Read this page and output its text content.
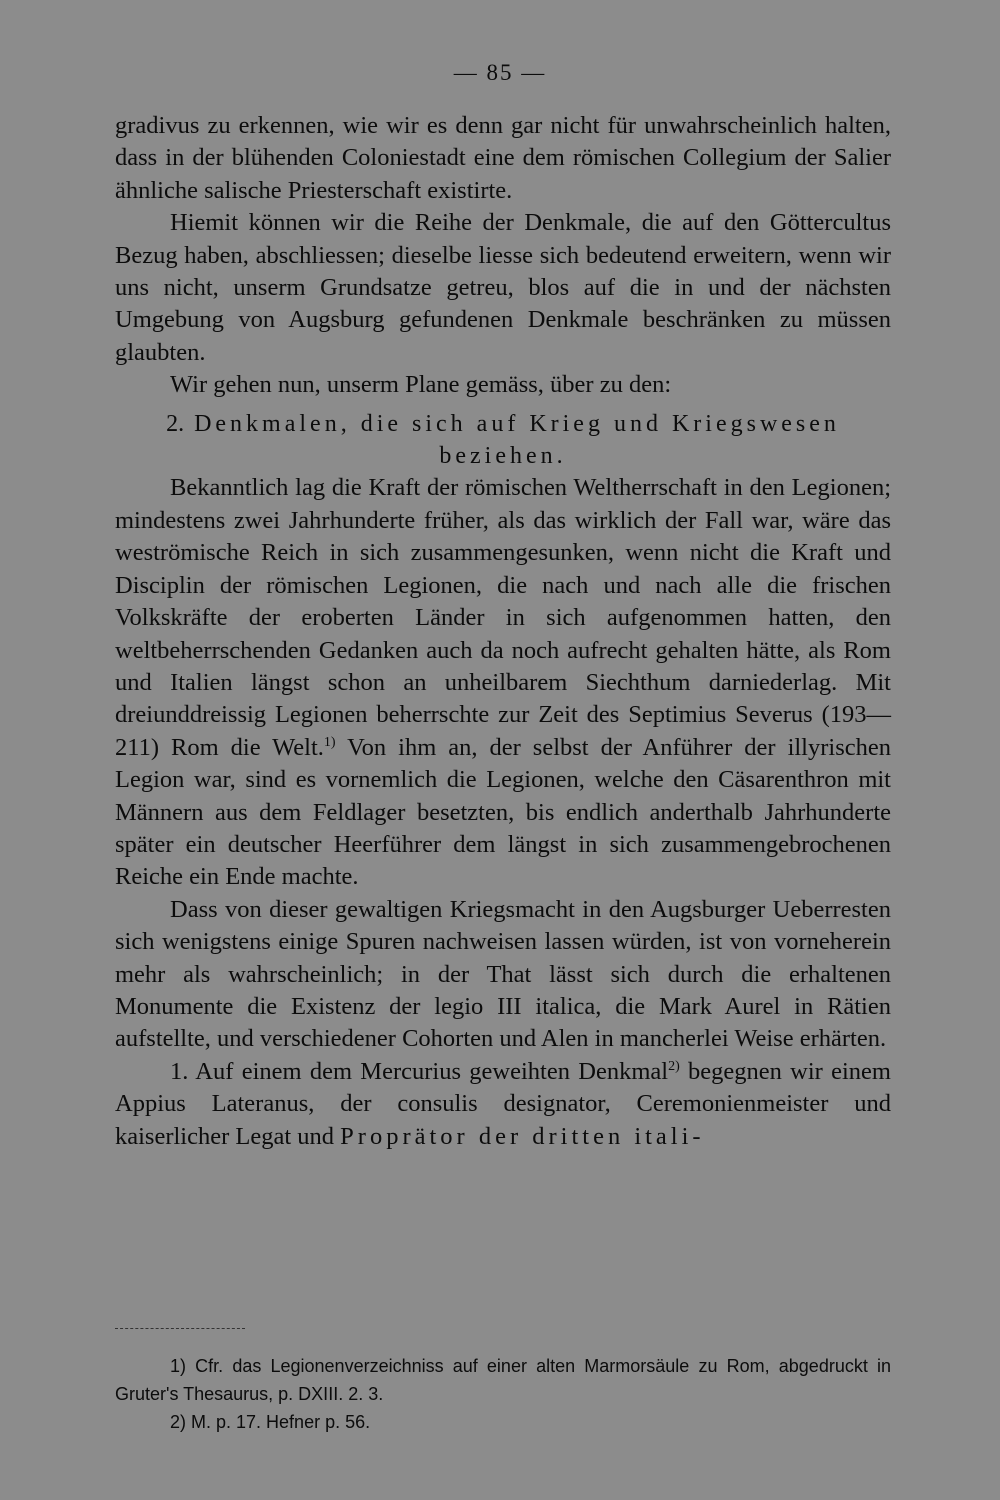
— 85 —

gradivus zu erkennen, wie wir es denn gar nicht für unwahrscheinlich halten, dass in der blühenden Coloniestadt eine dem römischen Collegium der Salier ähnliche salische Priesterschaft existirte.

Hiemit können wir die Reihe der Denkmale, die auf den Göttercultus Bezug haben, abschliessen; dieselbe liesse sich bedeutend erweitern, wenn wir uns nicht, unserm Grundsatze getreu, blos auf die in und der nächsten Umgebung von Augsburg gefundenen Denkmale beschränken zu müssen glaubten.

Wir gehen nun, unserm Plane gemäss, über zu den:

2. Denkmalen, die sich auf Krieg und Kriegswesen beziehen.

Bekanntlich lag die Kraft der römischen Weltherrschaft in den Legionen; mindestens zwei Jahrhunderte früher, als das wirklich der Fall war, wäre das weströmische Reich in sich zusammengesunken, wenn nicht die Kraft und Disciplin der römischen Legionen, die nach und nach alle die frischen Volkskräfte der eroberten Länder in sich aufgenommen hatten, den weltbeherrschenden Gedanken auch da noch aufrecht gehalten hätte, als Rom und Italien längst schon an unheilbarem Siechthum darniederlag. Mit dreiunddreissig Legionen beherrschte zur Zeit des Septimius Severus (193—211) Rom die Welt.$^{1)}$ Von ihm an, der selbst der Anführer der illyrischen Legion war, sind es vornemlich die Legionen, welche den Cäsarenthron mit Männern aus dem Feldlager besetzten, bis endlich anderthalb Jahrhunderte später ein deutscher Heerführer dem längst in sich zusammengebrochenen Reiche ein Ende machte.

Dass von dieser gewaltigen Kriegsmacht in den Augsburger Ueberresten sich wenigstens einige Spuren nachweisen lassen würden, ist von vorneherein mehr als wahrscheinlich; in der That lässt sich durch die erhaltenen Monumente die Existenz der legio III italica, die Mark Aurel in Rätien aufstellte, und verschiedener Cohorten und Alen in mancherlei Weise erhärten.

1. Auf einem dem Mercurius geweihten Denkmal$^{2)}$ begegnen wir einem Appius Lateranus, der consulis designator, Ceremonienmeister und kaiserlicher Legat und Proprätor der dritten itali-

1) Cfr. das Legionenverzeichniss auf einer alten Marmorsäule zu Rom, abgedruckt in Gruter's Thesaurus, p. DXIII. 2. 3.

2) M. p. 17. Hefner p. 56.
